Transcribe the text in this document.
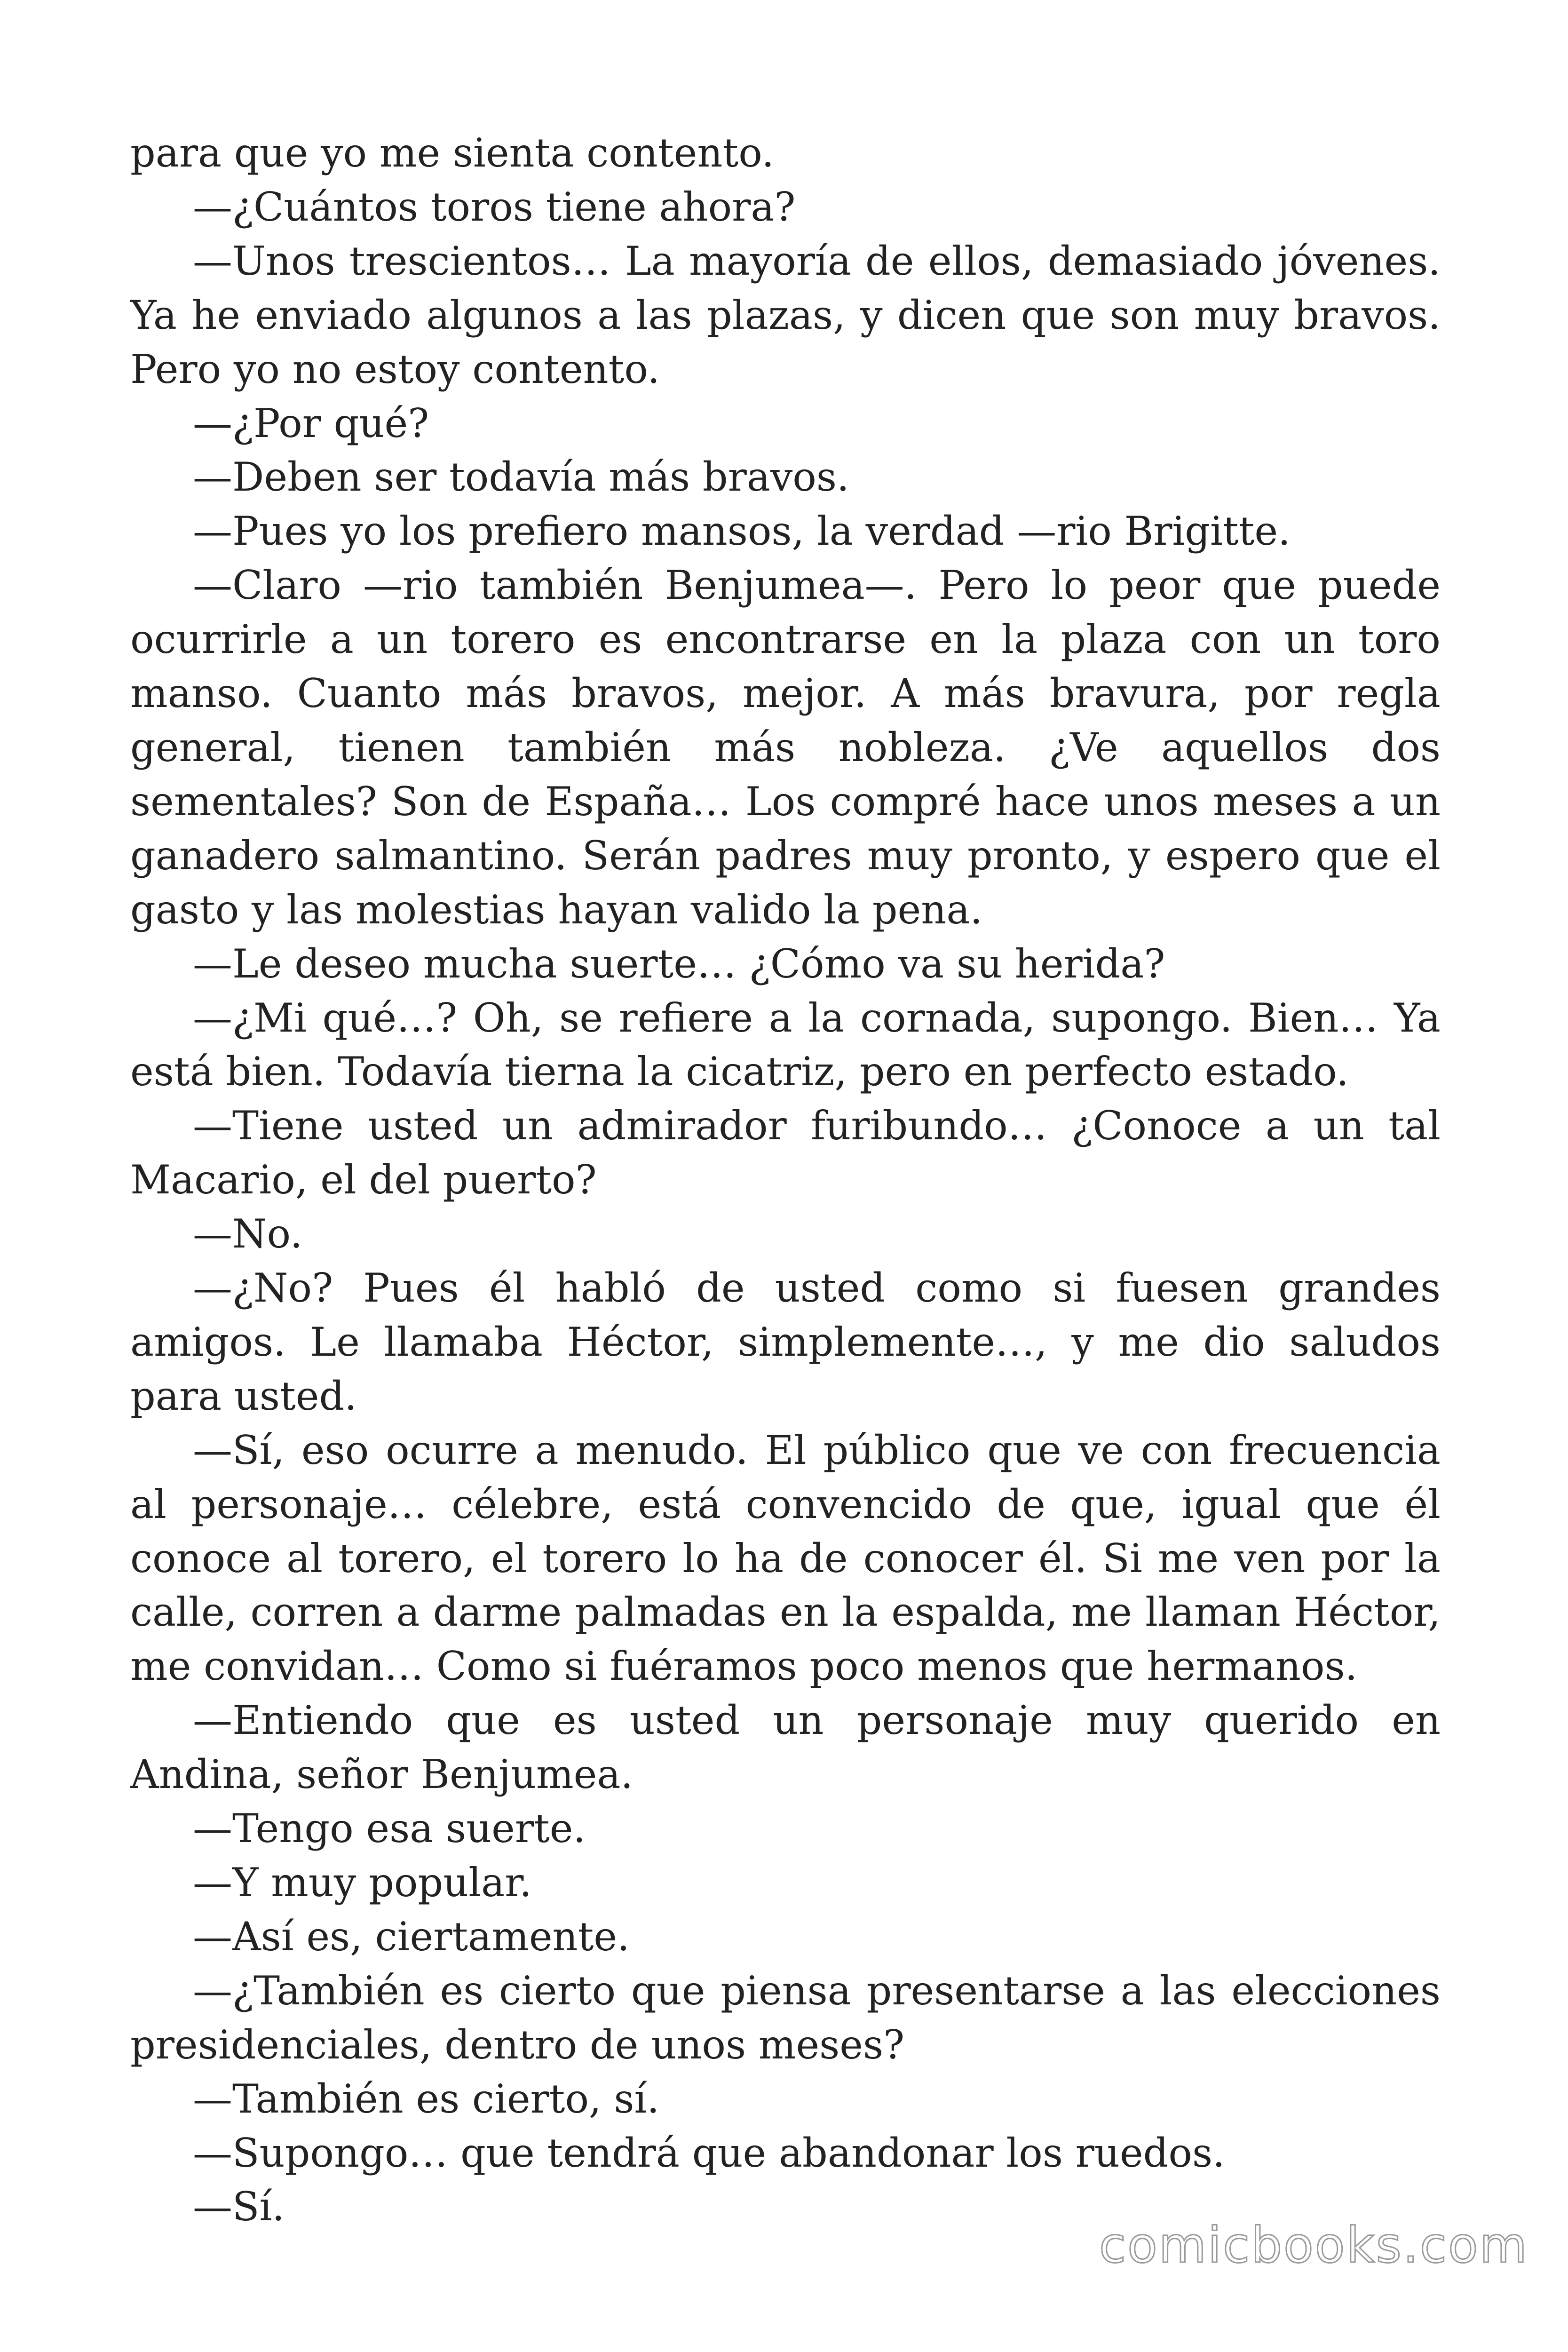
para que yo me sienta contento.

—¿Cuántos toros tiene ahora?

—Unos trescientos… La mayoría de ellos, demasiado jóvenes. Ya he enviado algunos a las plazas, y dicen que son muy bravos. Pero yo no estoy contento.

—¿Por qué?

—Deben ser todavía más bravos.

—Pues yo los prefiero mansos, la verdad —rio Brigitte.

—Claro —rio también Benjumea—. Pero lo peor que puede ocurrirle a un torero es encontrarse en la plaza con un toro manso. Cuanto más bravos, mejor. A más bravura, por regla general, tienen también más nobleza. ¿Ve aquellos dos sementales? Son de España… Los compré hace unos meses a un ganadero salmantino. Serán padres muy pronto, y espero que el gasto y las molestias hayan valido la pena.

—Le deseo mucha suerte… ¿Cómo va su herida?

—¿Mi qué…? Oh, se refiere a la cornada, supongo. Bien… Ya está bien. Todavía tierna la cicatriz, pero en perfecto estado.

—Tiene usted un admirador furibundo… ¿Conoce a un tal Macario, el del puerto?

—No.

—¿No? Pues él habló de usted como si fuesen grandes amigos. Le llamaba Héctor, simplemente…, y me dio saludos para usted.

—Sí, eso ocurre a menudo. El público que ve con frecuencia al personaje… célebre, está convencido de que, igual que él conoce al torero, el torero lo ha de conocer él. Si me ven por la calle, corren a darme palmadas en la espalda, me llaman Héctor, me convidan… Como si fuéramos poco menos que hermanos.

—Entiendo que es usted un personaje muy querido en Andina, señor Benjumea.

—Tengo esa suerte.

—Y muy popular.

—Así es, ciertamente.

—¿También es cierto que piensa presentarse a las elecciones presidenciales, dentro de unos meses?

—También es cierto, sí.

—Supongo… que tendrá que abandonar los ruedos.

—Sí.

comicbooks.com
